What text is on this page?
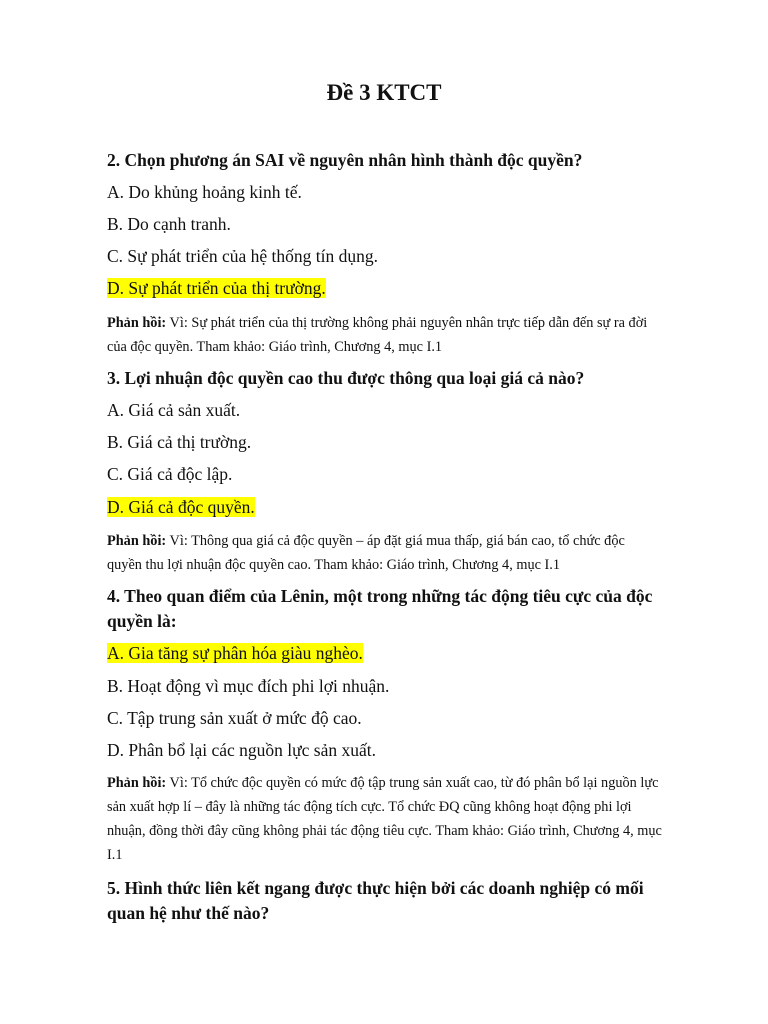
Đề 3 KTCT

2. Chọn phương án SAI về nguyên nhân hình thành độc quyền?

A. Do khủng hoảng kinh tế.

B. Do cạnh tranh.

C. Sự phát triển của hệ thống tín dụng.

D. Sự phát triển của thị trường.

Phản hồi: Vì: Sự phát triển của thị trường không phải nguyên nhân trực tiếp dẫn đến sự ra đời của độc quyền. Tham khảo: Giáo trình, Chương 4, mục I.1

3. Lợi nhuận độc quyền cao thu được thông qua loại giá cả nào?

A. Giá cả sản xuất.

B. Giá cả thị trường.

C. Giá cả độc lập.

D. Giá cả độc quyền.

Phản hồi: Vì: Thông qua giá cả độc quyền – áp đặt giá mua thấp, giá bán cao, tổ chức độc quyền thu lợi nhuận độc quyền cao. Tham khảo: Giáo trình, Chương 4, mục I.1

4. Theo quan điểm của Lênin, một trong những tác động tiêu cực của độc quyền là:

A. Gia tăng sự phân hóa giàu nghèo.

B. Hoạt động vì mục đích phi lợi nhuận.

C. Tập trung sản xuất ở mức độ cao.

D. Phân bổ lại các nguồn lực sản xuất.

Phản hồi: Vì: Tổ chức độc quyền có mức độ tập trung sản xuất cao, từ đó phân bổ lại nguồn lực sản xuất hợp lí – đây là những tác động tích cực. Tổ chức ĐQ cũng không hoạt động phi lợi nhuận, đồng thời đây cũng không phải tác động tiêu cực. Tham khảo: Giáo trình, Chương 4, mục I.1

5. Hình thức liên kết ngang được thực hiện bởi các doanh nghiệp có mối quan hệ như thế nào?
